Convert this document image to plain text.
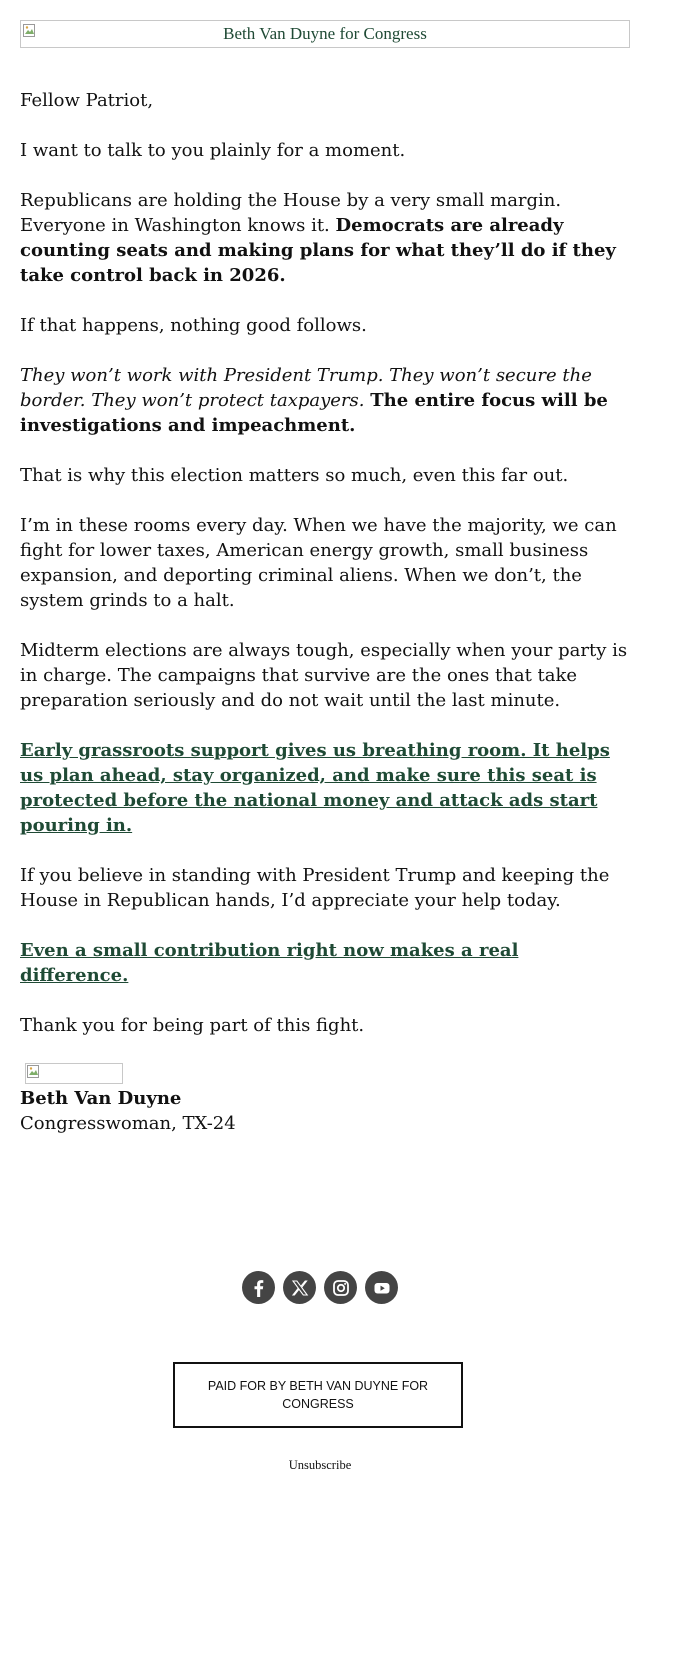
Beth Van Duyne for Congress

Fellow Patriot,

I want to talk to you plainly for a moment.

Republicans are holding the House by a very small margin. Everyone in Washington knows it. Democrats are already counting seats and making plans for what they’ll do if they take control back in 2026.

If that happens, nothing good follows.

They won’t work with President Trump. They won’t secure the border. They won’t protect taxpayers. The entire focus will be investigations and impeachment.

That is why this election matters so much, even this far out.

I’m in these rooms every day. When we have the majority, we can fight for lower taxes, American energy growth, small business expansion, and deporting criminal aliens. When we don’t, the system grinds to a halt.

Midterm elections are always tough, especially when your party is in charge. The campaigns that survive are the ones that take preparation seriously and do not wait until the last minute.

Early grassroots support gives us breathing room. It helps us plan ahead, stay organized, and make sure this seat is protected before the national money and attack ads start pouring in.

If you believe in standing with President Trump and keeping the House in Republican hands, I’d appreciate your help today.

Even a small contribution right now makes a real difference.

Thank you for being part of this fight.

Beth Van Duyne
Congresswoman, TX-24
PAID FOR BY BETH VAN DUYNE FOR CONGRESS
Unsubscribe
